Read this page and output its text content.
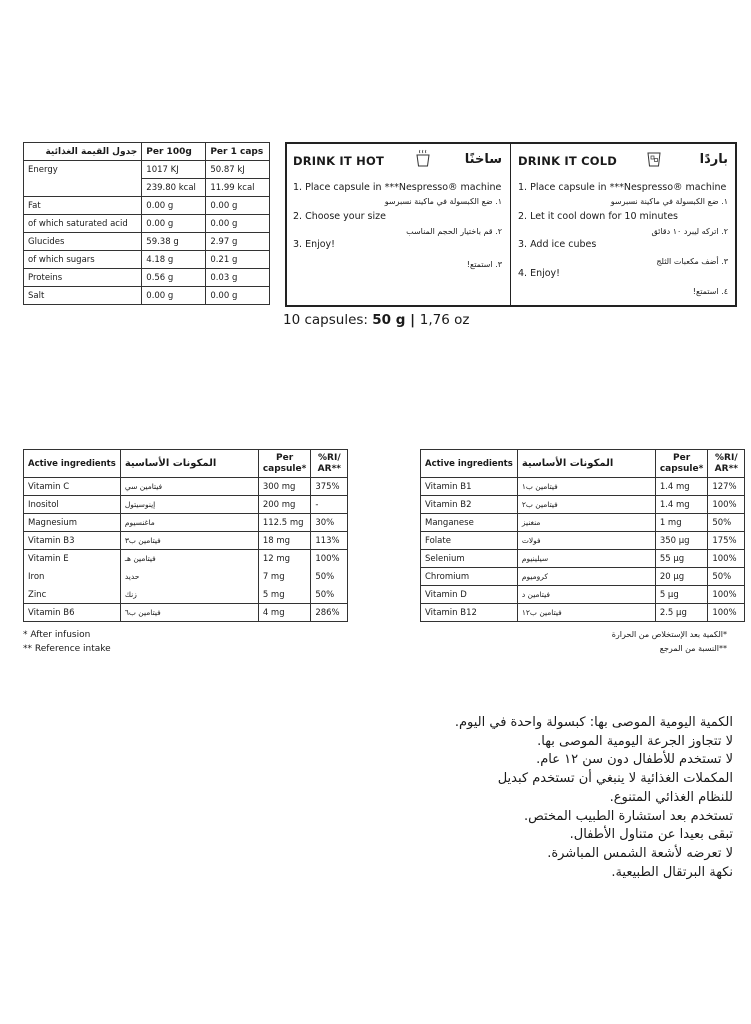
جدول القيمة الغذائية	Per 100g	Per 1 caps
Energy	1017 KJ	50.87 kJ
	239.80 kcal	11.99 kcal
Fat	0.00 g	0.00 g
of which saturated acid	0.00 g	0.00 g
Glucides	59.38 g	2.97 g
of which sugars	4.18 g	0.21 g
Proteins	0.56 g	0.03 g
Salt	0.00 g	0.00 g
DRINK IT HOT	ساخنًا
1. Place capsule in ***Nespresso® machine
١. ضع الكبسولة في ماكينة نسبرسو
2. Choose your size
٢. قم باختيار الحجم المناسب
3. Enjoy!
٣. استمتع!
DRINK IT COLD	باردًا
1. Place capsule in ***Nespresso® machine
١. ضع الكبسولة في ماكينة نسبرسو
2. Let it cool down for 10 minutes
٢. اتركه ليبرد ١٠ دقائق
3. Add ice cubes
٣. أضف مكعبات الثلج
4. Enjoy!
٤. استمتع!
10 capsules: 50 g | 1,76 oz
Active ingredients	المكونات الأساسية	Per capsule*	%RI/ AR**
Vitamin C	فيتامين سي	300 mg	375%
Inositol	إينوسيتول	200 mg	-
Magnesium	ماغنسيوم	112.5 mg	30%
Vitamin B3	فيتامين ب٣	18 mg	113%
Vitamin E	فيتامين هـ	12 mg	100%
Iron	حديد	7 mg	50%
Zinc	زنك	5 mg	50%
Vitamin B6	فيتامين ب٦	4 mg	286%
Active ingredients	المكونات الأساسية	Per capsule*	%RI/ AR**
Vitamin B1	فيتامين ب١	1.4 mg	127%
Vitamin B2	فيتامين ب٢	1.4 mg	100%
Manganese	منغنيز	1 mg	50%
Folate	فولات	350 µg	175%
Selenium	سيلينيوم	55 µg	100%
Chromium	كروميوم	20 µg	50%
Vitamin D	فيتامين د	5 µg	100%
Vitamin B12	فيتامين ب١٢	2.5 µg	100%
* After infusion
** Reference intake
*الكمية بعد الإستخلاص من الحرارة
**النسبة من المرجع
الكمية اليومية الموصى بها: كبسولة واحدة في اليوم.
لا تتجاوز الجرعة اليومية الموصى بها.
لا تستخدم للأطفال دون سن ١٢ عام.
المكملات الغذائية لا ينبغي أن تستخدم كبديل
للنظام الغذائي المتنوع.
تستخدم بعد استشارة الطبيب المختص.
تبقى بعيدا عن متناول الأطفال.
لا تعرضه لأشعة الشمس المباشرة.
نكهة البرتقال الطبيعية.
